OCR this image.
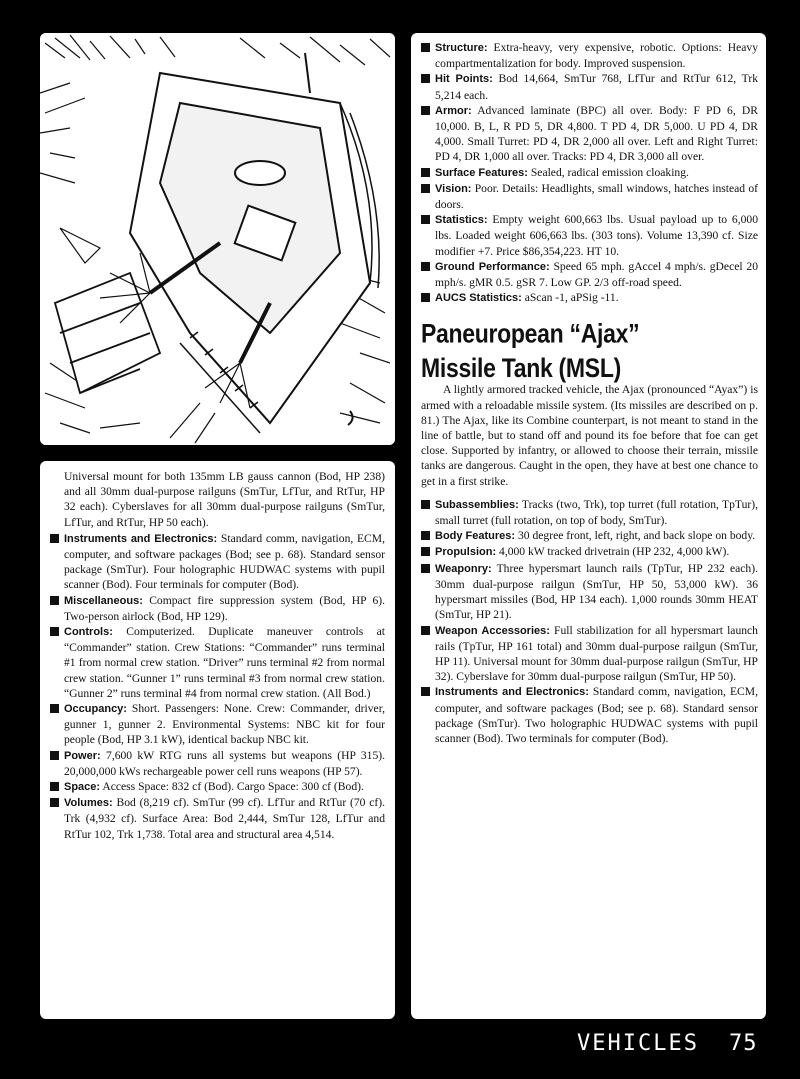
Universal mount for both 135mm LB gauss cannon (Bod, HP 238) and all 30mm dual-purpose railguns (SmTur, LfTur, and RtTur, HP 32 each). Cyberslaves for all 30mm dual-purpose railguns (SmTur, LfTur, and RtTur, HP 50 each).

Instruments and Electronics: Standard comm, navigation, ECM, computer, and software packages (Bod; see p. 68). Standard sensor package (SmTur). Four holographic HUDWAC systems with pupil scanner (Bod). Four terminals for computer (Bod).

Miscellaneous: Compact fire suppression system (Bod, HP 6). Two-person airlock (Bod, HP 129).

Controls: Computerized. Duplicate maneuver controls at “Commander” station. Crew Stations: “Commander” runs terminal #1 from normal crew station. “Driver” runs terminal #2 from normal crew station. “Gunner 1” runs terminal #3 from normal crew station. “Gunner 2” runs terminal #4 from normal crew station. (All Bod.)

Occupancy: Short. Passengers: None. Crew: Commander, driver, gunner 1, gunner 2. Environmental Systems: NBC kit for four people (Bod, HP 3.1 kW), identical backup NBC kit.

Power: 7,600 kW RTG runs all systems but weapons (HP 315). 20,000,000 kWs rechargeable power cell runs weapons (HP 57).

Space: Access Space: 832 cf (Bod). Cargo Space: 300 cf (Bod).

Volumes: Bod (8,219 cf). SmTur (99 cf). LfTur and RtTur (70 cf). Trk (4,932 cf). Surface Area: Bod 2,444, SmTur 128, LfTur and RtTur 102, Trk 1,738. Total area and structural area 4,514.

Structure: Extra-heavy, very expensive, robotic. Options: Heavy compartmentalization for body. Improved suspension.

Hit Points: Bod 14,664, SmTur 768, LfTur and RtTur 612, Trk 5,214 each.

Armor: Advanced laminate (BPC) all over. Body: F PD 6, DR 10,000. B, L, R PD 5, DR 4,800. T PD 4, DR 5,000. U PD 4, DR 4,000. Small Turret: PD 4, DR 2,000 all over. Left and Right Turret: PD 4, DR 1,000 all over. Tracks: PD 4, DR 3,000 all over.

Surface Features: Sealed, radical emission cloaking.

Vision: Poor. Details: Headlights, small windows, hatches instead of doors.

Statistics: Empty weight 600,663 lbs. Usual payload up to 6,000 lbs. Loaded weight 606,663 lbs. (303 tons). Volume 13,390 cf. Size modifier +7. Price $86,354,223. HT 10.

Ground Performance: Speed 65 mph. gAccel 4 mph/s. gDecel 20 mph/s. gMR 0.5. gSR 7. Low GP. 2/3 off-road speed.

AUCS Statistics: aScan -1, aPSig -11.

Paneuropean “Ajax”
Missile Tank (MSL)

A lightly armored tracked vehicle, the Ajax (pronounced “Ayax”) is armed with a reloadable missile system. (Its missiles are described on p. 81.) The Ajax, like its Combine counterpart, is not meant to stand in the line of battle, but to stand off and pound its foe before that foe can get close. Supported by infantry, or allowed to choose their terrain, missile tanks are dangerous. Caught in the open, they have at best one chance to get in a first strike.

Subassemblies: Tracks (two, Trk), top turret (full rotation, TpTur), small turret (full rotation, on top of body, SmTur).

Body Features: 30 degree front, left, right, and back slope on body.

Propulsion: 4,000 kW tracked drivetrain (HP 232, 4,000 kW).

Weaponry: Three hypersmart launch rails (TpTur, HP 232 each). 30mm dual-purpose railgun (SmTur, HP 50, 53,000 kW). 36 hypersmart missiles (Bod, HP 134 each). 1,000 rounds 30mm HEAT (SmTur, HP 21).

Weapon Accessories: Full stabilization for all hypersmart launch rails (TpTur, HP 161 total) and 30mm dual-purpose railgun (SmTur, HP 11). Universal mount for 30mm dual-purpose railgun (SmTur, HP 32). Cyberslave for 30mm dual-purpose railgun (SmTur, HP 50).

Instruments and Electronics: Standard comm, navigation, ECM, computer, and software packages (Bod; see p. 68). Standard sensor package (SmTur). Two holographic HUDWAC systems with pupil scanner (Bod). Two terminals for computer (Bod).

VEHICLES 75
